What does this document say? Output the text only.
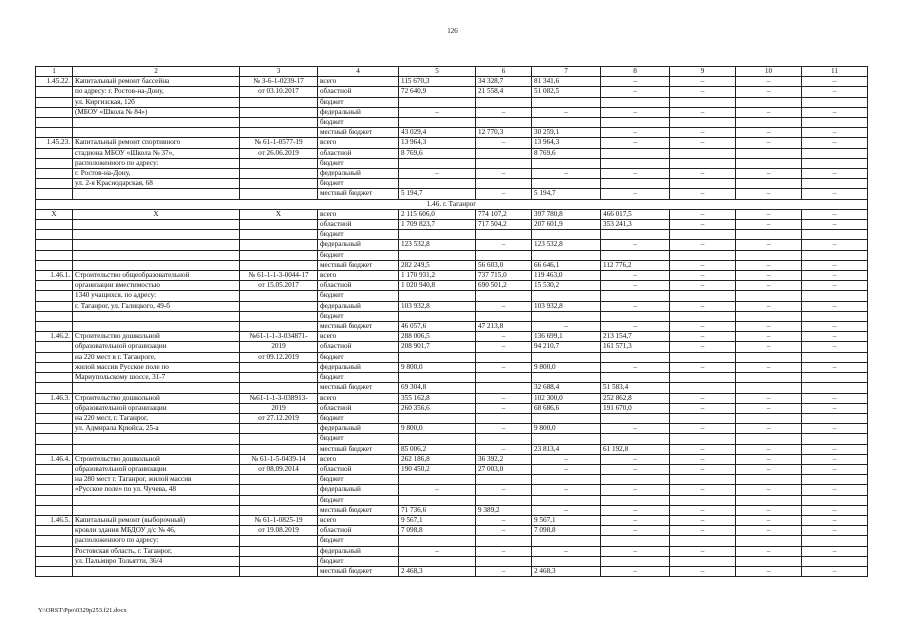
126
1	2	3	4	5	6	7	8	9	10	11
1.45.22.	Капитальный ремонт бассейна	№ 3-6-1-0239-17	всего	115 670,3	34 328,7	81 341,6	–	–	–	–
	по адресу: г. Ростов-на-Дону,	от 03.10.2017	областной	72 640,9	21 558,4	51 082,5	–	–	–	–
	ул. Киргизская, 12б		бюджет							
	(МБОУ «Школа № 84»)		федеральный	–	–	–	–	–	–	–
			бюджет							
			местный бюджет	43 029,4	12 770,3	30 259,1	–	–	–	–
1.45.23.	Капитальный ремонт спортивного	№ 61-1-0577-19	всего	13 964,3	–	13 964,3	–	–	–	–
	стадиона МБОУ «Школа № 37»,	от 26.06.2019	областной	8 769,6		8 769,6				
	расположенного по адресу:		бюджет							
	г. Ростов-на-Дону,		федеральный	–	–	–	–	–	–	–
	ул. 2-я Краснодарская, 68		бюджет							
			местный бюджет	5 194,7	–	5 194,7	–	–	–	–
1.46. г. Таганрог										
X	X	X	всего	2 115 606,0	774 107,2	397 780,8	466 017,5	–	–	–
			областной	1 709 823,7	717 504,2	207 601,9	353 241,3	–	–	–
			бюджет							
			федеральный	123 532,8	–	123 532,8	–	–	–	–
			бюджет							
			местный бюджет	282 249,5	56 603,0	66 646,1	112 776,2	–	–	–
1.46.1.	Строительство общеобразовательной	№ 61-1-1-3-0044-17	всего	1 170 931,2	737 715,0	119 463,0	–	–	–	–
	организации вместимостью	от 15.05.2017	областной	1 020 940,8	690 501,2	15 530,2	–	–	–	–
	1340 учащихся, по адресу:		бюджет							
	г. Таганрог, ул. Галицкого, 49-б		федеральный	103 932,8	–	103 932,8	–	–	–	–
			бюджет							
			местный бюджет	46 057,6	47 213,8	–	–	–	–	–
1.46.2.	Строительство дошкольной	№61-1-1-3-034871-	всего	288 006,5	–	136 699,1	213 154,7	–	–	–
	образовательной организации	2019	областной	208 901,7	–	94 210,7	161 571,3	–	–	–
	на 220 мест в г. Таганроге,	от 09.12.2019	бюджет							
	жилой массив Русское поле по		федеральный	9 800,0	–	9 800,0	–	–	–	–
	Мариупольскому шоссе, 31-7		бюджет							
			местный бюджет	69 304,8		32 688,4	51 583,4			
1.46.3.	Строительство дошкольной	№61-1-1-3-038913-	всего	355 162,8	–	102 300,0	252 862,8	–	–	–
	образовательной организации	2019	областной	260 356,6	–	68 686,6	191 670,0	–	–	–
	на 220 мест, г. Таганрог,	от 27.12.2019	бюджет							
	ул. Адмирала Крюйса, 25-а		федеральный	9 800,0	–	9 800,0	–	–	–	–
			бюджет							
			местный бюджет	85 006,2	–	23 813,4	61 192,8	–	–	–
1.46.4.	Строительство дошкольной	№ 61-1-5-0439-14	всего	262 186,8	36 392,2	–	–	–	–	–
	образовательной организации	от 08.09.2014	областной	190 450,2	27 003,0	–	–	–	–	–
	на 280 мест г. Таганрог, жилой массив		бюджет							
	«Русское поле» по ул. Чучева, 48		федеральный	–	–	–	–	–	–	–
			бюджет							
			местный бюджет	71 736,6	9 389,2	–	–	–	–	–
1.46.5.	Капитальный ремонт (выборочный)	№ 61-1-0825-19	всего	9 567,1	–	9 567,1	–	–	–	–
	кровли здания МБДОУ д/с № 46,	от 19.08.2019	областной	7 098,8	–	7 098,8	–	–	–	–
	расположенного по адресу:		бюджет							
	Ростовская область, г. Таганрог,		федеральный	–	–	–	–	–	–	–
	ул. Пальмиро Тольятти, 36/4		бюджет							
			местный бюджет	2 468,3	–	2 468,3	–	–	–	–
Y:\ORST\Ppo\0329p253.f21.docx
